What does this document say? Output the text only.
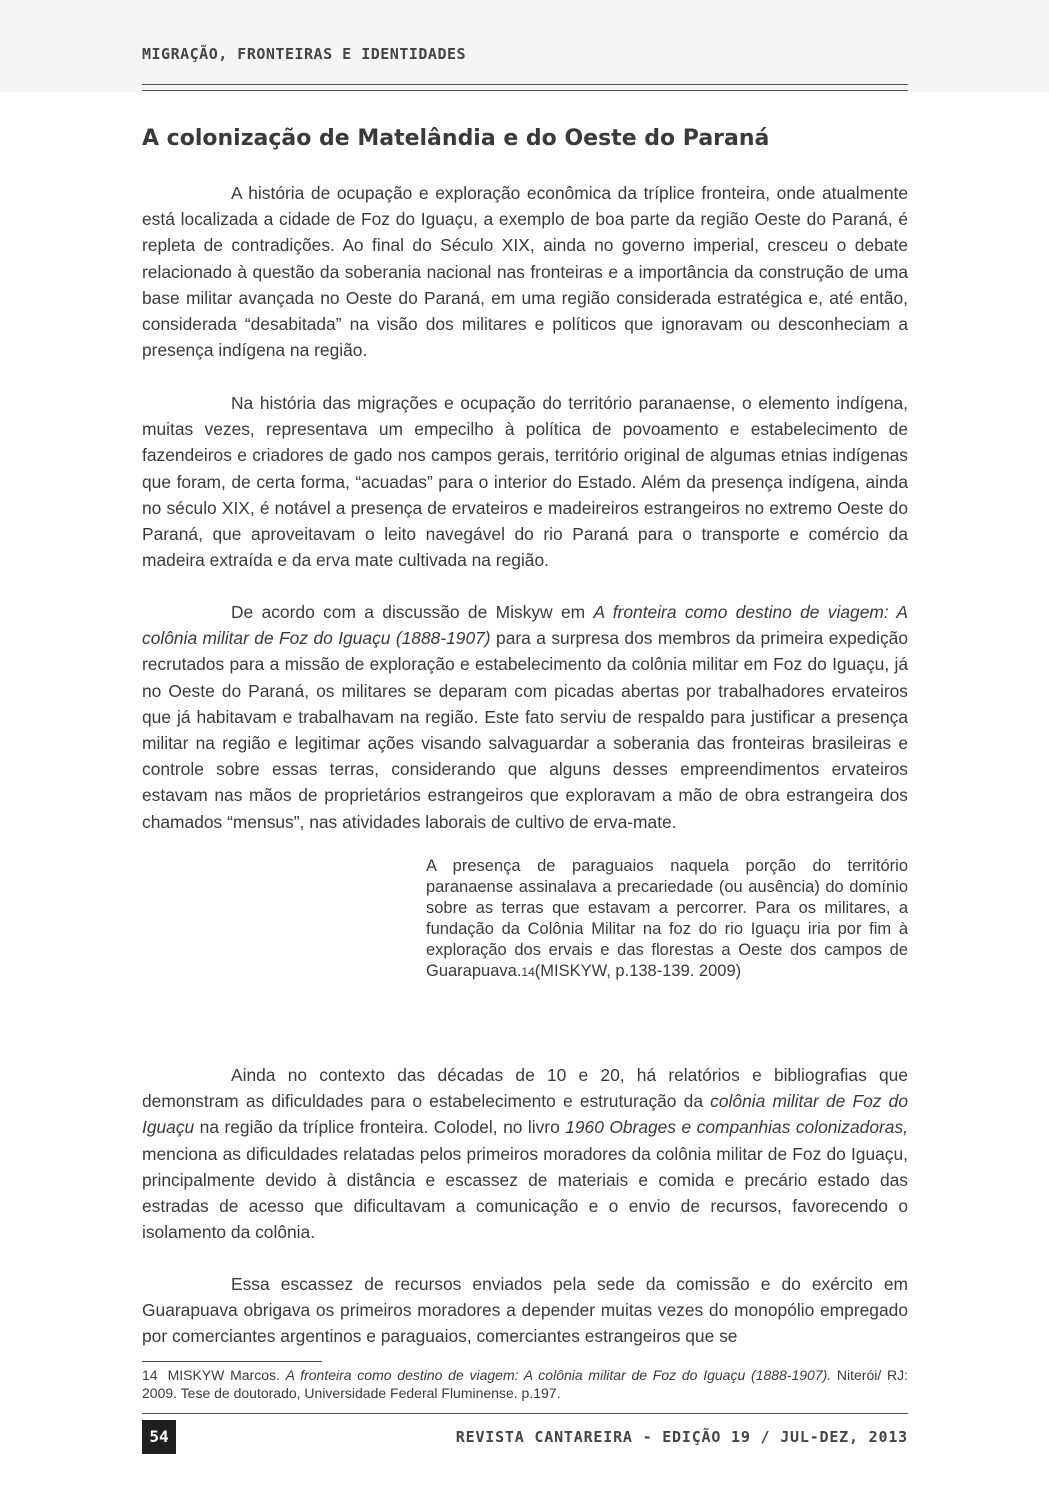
MIGRAÇÃO, FRONTEIRAS E IDENTIDADES
A colonização de Matelândia e do Oeste do Paraná

A história de ocupação e exploração econômica da tríplice fronteira, onde atualmente está localizada a cidade de Foz do Iguaçu, a exemplo de boa parte da região Oeste do Paraná, é repleta de contradições. Ao final do Século XIX, ainda no governo imperial, cresceu o debate relacionado à questão da soberania nacional nas fronteiras e a importância da construção de uma base militar avançada no Oeste do Paraná, em uma região considerada estratégica e, até então, considerada “desabitada” na visão dos militares e políticos que ignoravam ou desconheciam a presença indígena na região.

Na história das migrações e ocupação do território paranaense, o elemento indígena, muitas vezes, representava um empecilho à política de povoamento e estabelecimento de fazendeiros e criadores de gado nos campos gerais, território original de algumas etnias indígenas que foram, de certa forma, “acuadas” para o interior do Estado. Além da presença indígena, ainda no século XIX, é notável a presença de ervateiros e madeireiros estrangeiros no extremo Oeste do Paraná, que aproveitavam o leito navegável do rio Paraná para o transporte e comércio da madeira extraída e da erva mate cultivada na região.

De acordo com a discussão de Miskyw em A fronteira como destino de viagem: A colônia militar de Foz do Iguaçu (1888-1907) para a surpresa dos membros da primeira expedição recrutados para a missão de exploração e estabelecimento da colônia militar em Foz do Iguaçu, já no Oeste do Paraná, os militares se deparam com picadas abertas por trabalhadores ervateiros que já habitavam e trabalhavam na região. Este fato serviu de respaldo para justificar a presença militar na região e legitimar ações visando salvaguardar a soberania das fronteiras brasileiras e controle sobre essas terras, considerando que alguns desses empreendimentos ervateiros estavam nas mãos de proprietários estrangeiros que exploravam a mão de obra estrangeira dos chamados “mensus”, nas atividades laborais de cultivo de erva-mate.

A presença de paraguaios naquela porção do território paranaense assinalava a precariedade (ou ausência) do domínio sobre as terras que estavam a percorrer. Para os militares, a fundação da Colônia Militar na foz do rio Iguaçu iria por fim à exploração dos ervais e das florestas a Oeste dos campos de Guarapuava.14(MISKYW, p.138-139. 2009)

Ainda no contexto das décadas de 10 e 20, há relatórios e bibliografias que demonstram as dificuldades para o estabelecimento e estruturação da colônia militar de Foz do Iguaçu na região da tríplice fronteira. Colodel, no livro 1960 Obrages e companhias colonizadoras, menciona as dificuldades relatadas pelos primeiros moradores da colônia militar de Foz do Iguaçu, principalmente devido à distância e escassez de materiais e comida e precário estado das estradas de acesso que dificultavam a comunicação e o envio de recursos, favorecendo o isolamento da colônia.

Essa escassez de recursos enviados pela sede da comissão e do exército em Guarapuava obrigava os primeiros moradores a depender muitas vezes do monopólio empregado por comerciantes argentinos e paraguaios, comerciantes estrangeiros que se

14 MISKYW Marcos. A fronteira como destino de viagem: A colônia militar de Foz do Iguaçu (1888-1907). Niterói/ RJ: 2009. Tese de doutorado, Universidade Federal Fluminense. p.197.

54	REVISTA CANTAREIRA - EDIÇÃO 19 / JUL-DEZ, 2013
